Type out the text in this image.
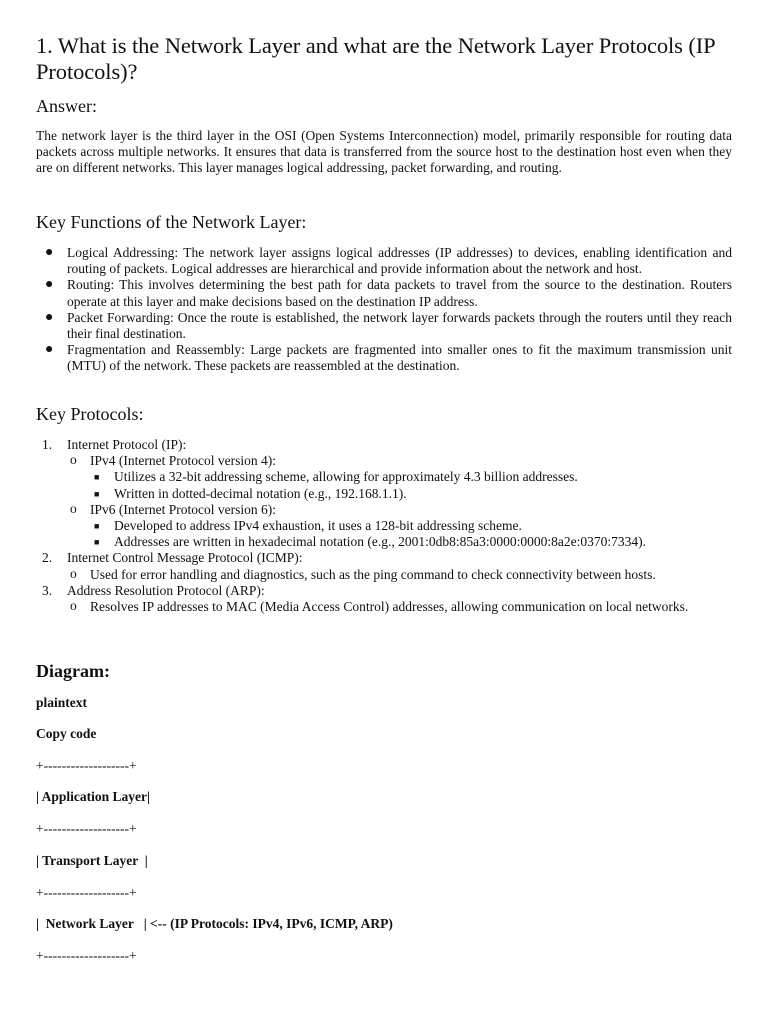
1. What is the Network Layer and what are the Network Layer Protocols (IP Protocols)?
Answer:

The network layer is the third layer in the OSI (Open Systems Interconnection) model, primarily responsible for routing data packets across multiple networks. It ensures that data is transferred from the source host to the destination host even when they are on different networks. This layer manages logical addressing, packet forwarding, and routing.

Key Functions of the Network Layer:
● Logical Addressing: The network layer assigns logical addresses (IP addresses) to devices, enabling identification and routing of packets. Logical addresses are hierarchical and provide information about the network and host.
● Routing: This involves determining the best path for data packets to travel from the source to the destination. Routers operate at this layer and make decisions based on the destination IP address.
● Packet Forwarding: Once the route is established, the network layer forwards packets through the routers until they reach their final destination.
● Fragmentation and Reassembly: Large packets are fragmented into smaller ones to fit the maximum transmission unit (MTU) of the network. These packets are reassembled at the destination.
Key Protocols:
1. Internet Protocol (IP):
o IPv4 (Internet Protocol version 4):
■ Utilizes a 32-bit addressing scheme, allowing for approximately 4.3 billion addresses.
■ Written in dotted-decimal notation (e.g., 192.168.1.1).
o IPv6 (Internet Protocol version 6):
■ Developed to address IPv4 exhaustion, it uses a 128-bit addressing scheme.
■ Addresses are written in hexadecimal notation (e.g., 2001:0db8:85a3:0000:0000:8a2e:0370:7334).
2. Internet Control Message Protocol (ICMP):
o Used for error handling and diagnostics, such as the ping command to check connectivity between hosts.
3. Address Resolution Protocol (ARP):
o Resolves IP addresses to MAC (Media Access Control) addresses, allowing communication on local networks.
Diagram:
plaintext
Copy code
+-------------------+
| Application Layer|
+-------------------+
| Transport Layer  |
+-------------------+
|  Network Layer   | <-- (IP Protocols: IPv4, IPv6, ICMP, ARP)
+-------------------+
